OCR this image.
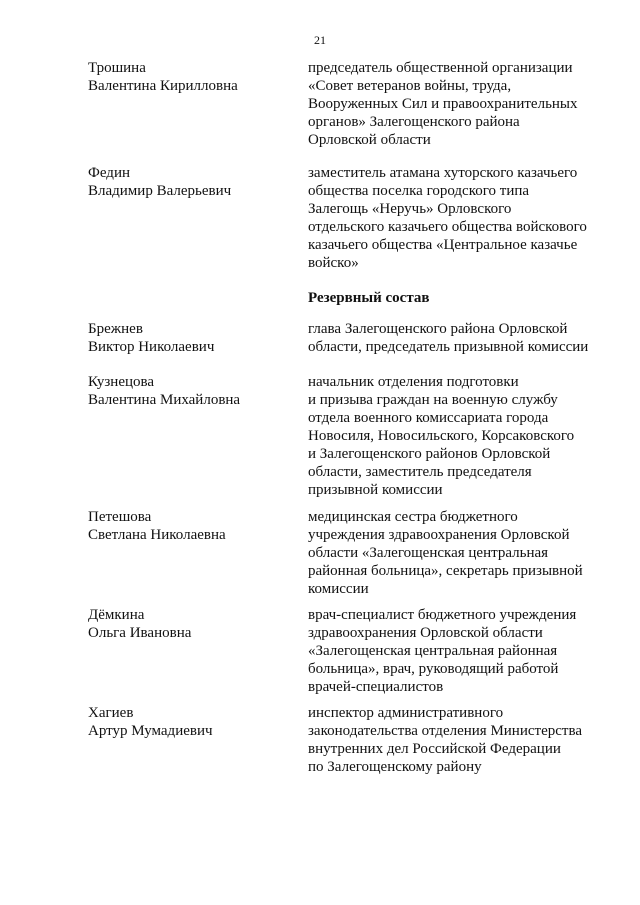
21
Трошина
Валентина Кирилловна
председатель общественной организации
«Совет ветеранов войны, труда,
Вооруженных Сил и правоохранительных
органов» Залегощенского района
Орловской области
Федин
Владимир Валерьевич
заместитель атамана хуторского казачьего
общества поселка городского типа
Залегощь «Неручь» Орловского
отдельского казачьего общества войскового
казачьего общества «Центральное казачье
войско»
Резервный состав
Брежнев
Виктор Николаевич
глава Залегощенского района Орловской
области, председатель призывной комиссии
Кузнецова
Валентина Михайловна
начальник отделения подготовки
и призыва граждан на военную службу
отдела военного комиссариата города
Новосиля, Новосильского, Корсаковского
и Залегощенского районов Орловской
области, заместитель председателя
призывной комиссии
Петешова
Светлана Николаевна
медицинская сестра бюджетного
учреждения здравоохранения Орловской
области «Залегощенская центральная
районная больница», секретарь призывной
комиссии
Дёмкина
Ольга Ивановна
врач-специалист бюджетного учреждения
здравоохранения Орловской области
«Залегощенская центральная районная
больница», врач, руководящий работой
врачей-специалистов
Хагиев
Артур Мумадиевич
инспектор административного
законодательства отделения Министерства
внутренних дел Российской Федерации
по Залегощенскому району
